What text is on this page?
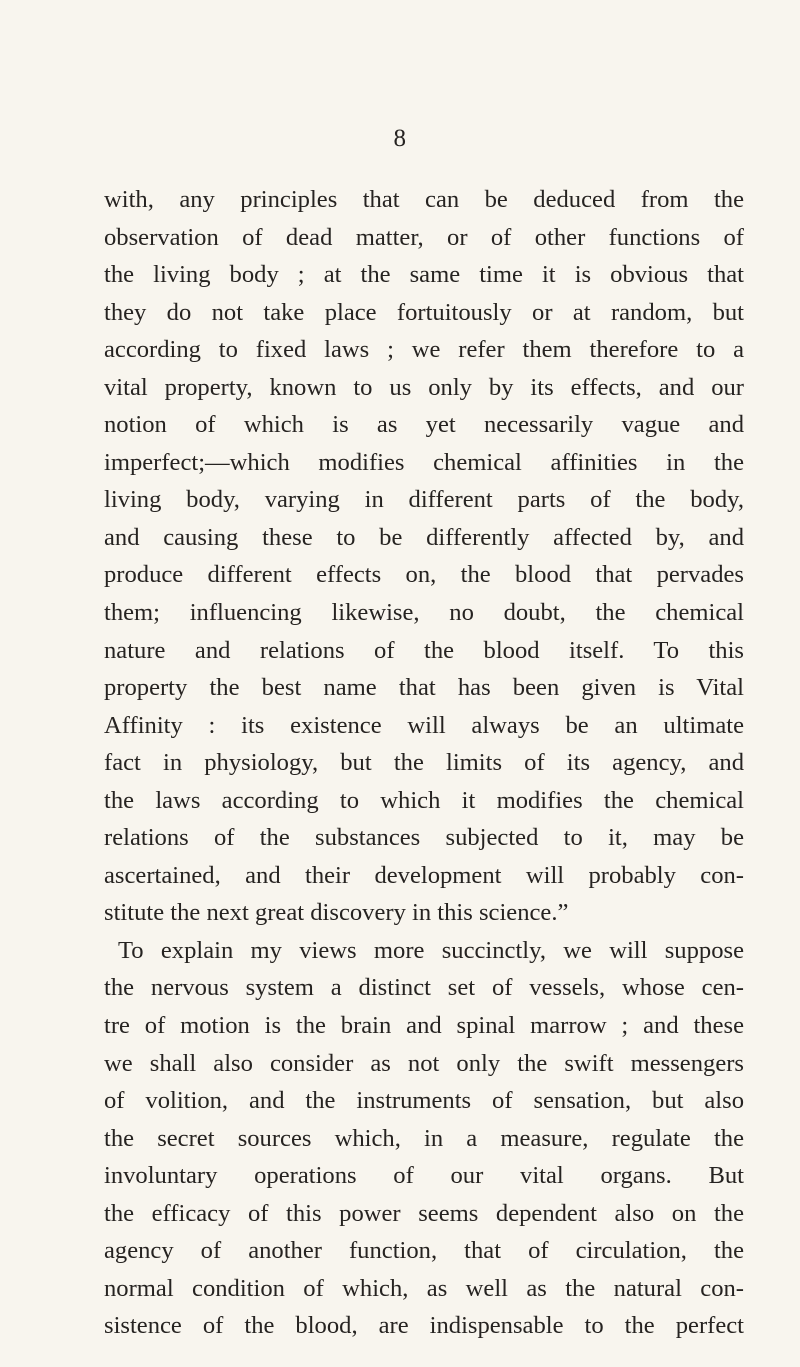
8
with, any principles that can be deduced from the
observation of dead matter, or of other functions of
the living body ; at the same time it is obvious that
they do not take place fortuitously or at random, but
according to fixed laws ; we refer them therefore to a
vital property, known to us only by its effects, and our
notion of which is as yet necessarily vague and
imperfect;—which modifies chemical affinities in the
living body, varying in different parts of the body,
and causing these to be differently affected by, and
produce different effects on, the blood that pervades
them; influencing likewise, no doubt, the chemical
nature and relations of the blood itself. To this
property the best name that has been given is Vital
Affinity : its existence will always be an ultimate
fact in physiology, but the limits of its agency, and
the laws according to which it modifies the chemical
relations of the substances subjected to it, may be
ascertained, and their development will probably con-
stitute the next great discovery in this science.”
To explain my views more succinctly, we will suppose
the nervous system a distinct set of vessels, whose cen-
tre of motion is the brain and spinal marrow ; and these
we shall also consider as not only the swift messengers
of volition, and the instruments of sensation, but also
the secret sources which, in a measure, regulate the
involuntary operations of our vital organs. But
the efficacy of this power seems dependent also on the
agency of another function, that of circulation, the
normal condition of which, as well as the natural con-
sistence of the blood, are indispensable to the perfect
